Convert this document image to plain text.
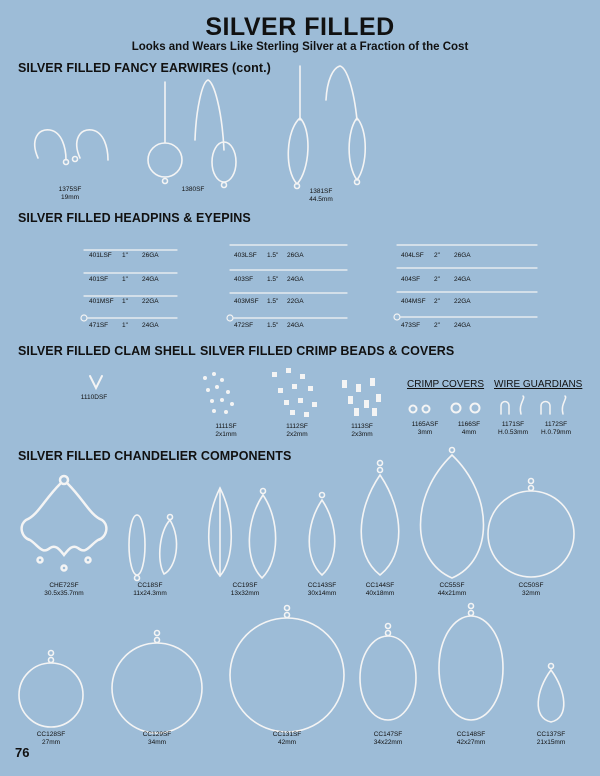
SILVER FILLED
Looks and Wears Like Sterling Silver at a Fraction of the Cost
SILVER FILLED FANCY EARWIRES (cont.)
SILVER FILLED HEADPINS & EYEPINS
SILVER FILLED CLAM SHELL SILVER FILLED CRIMP BEADS & COVERS
CRIMP COVERS WIRE GUARDIANS
SILVER FILLED CHANDELIER COMPONENTS
1375SF
19mm
1380SF	1381SF
44.5mm
401LSF 1" 26GA
401SF 1" 24GA
401MSF 1" 22GA
471SF 1" 24GA
403LSF 1.5" 26GA
403SF 1.5" 24GA
403MSF 1.5" 22GA
472SF 1.5" 24GA
404LSF 2" 26GA
404SF 2" 24GA
404MSF 2" 22GA
473SF 2" 24GA
1110DSF
1111SF
2x1mm
1112SF
2x2mm
1113SF
2x3mm
1165ASF
3mm
1166SF
4mm
1171SF
H.0.53mm
1172SF
H.0.79mm
CHE72SF
30.5x35.7mm
CC18SF
11x24.3mm
CC19SF
13x32mm
CC143SF
30x14mm
CC144SF
40x18mm
CC55SF
44x21mm
CC50SF
32mm
CC128SF
27mm
CC129SF
34mm
CC131SF
42mm
CC147SF
34x22mm
CC148SF
42x27mm
CC137SF
21x15mm
76
